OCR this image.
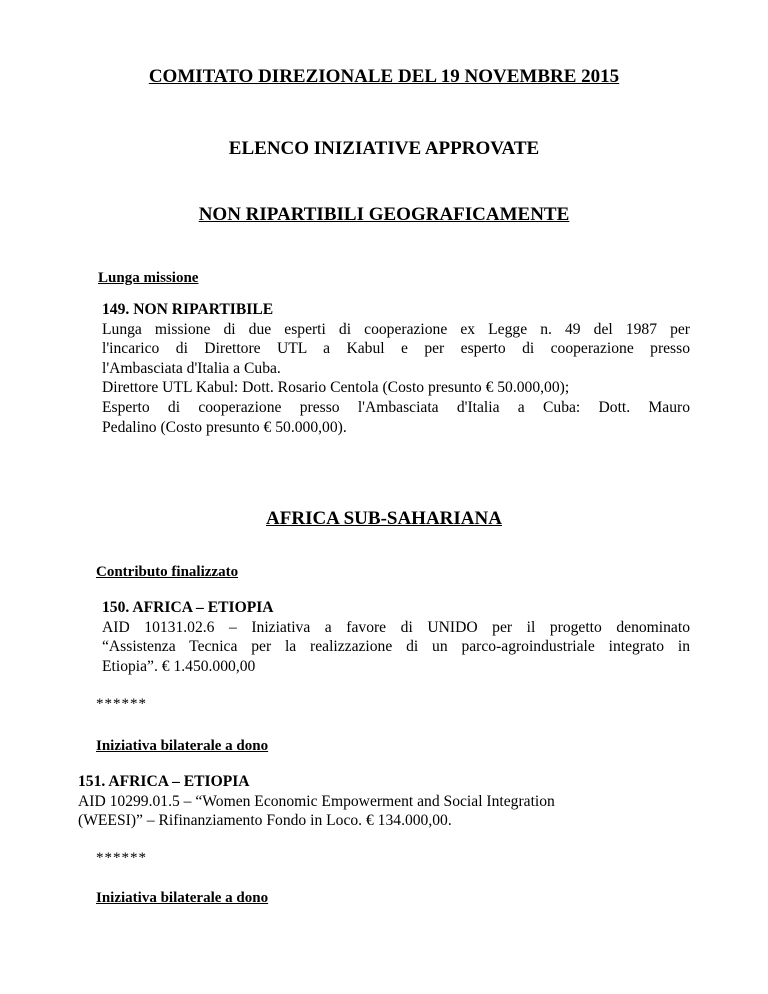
COMITATO DIREZIONALE DEL 19 NOVEMBRE 2015
ELENCO INIZIATIVE APPROVATE
NON RIPARTIBILI GEOGRAFICAMENTE
Lunga missione
149. NON RIPARTIBILE
Lunga missione di due esperti di cooperazione ex Legge n. 49 del 1987 per
l'incarico di Direttore UTL a Kabul e per esperto di cooperazione presso
l'Ambasciata d'Italia a Cuba.
Direttore UTL Kabul: Dott. Rosario Centola (Costo presunto € 50.000,00);
Esperto di cooperazione presso l'Ambasciata d'Italia a Cuba: Dott. Mauro
Pedalino (Costo presunto € 50.000,00).
AFRICA SUB-SAHARIANA
Contributo finalizzato
150. AFRICA – ETIOPIA
AID 10131.02.6 – Iniziativa a favore di UNIDO per il progetto denominato
“Assistenza Tecnica per la realizzazione di un parco-agroindustriale integrato in
Etiopia”. € 1.450.000,00
******
Iniziativa bilaterale a dono
151. AFRICA – ETIOPIA
AID 10299.01.5 – “Women Economic Empowerment and Social Integration
(WEESI)” – Rifinanziamento Fondo in Loco. € 134.000,00.
******
Iniziativa bilaterale a dono
